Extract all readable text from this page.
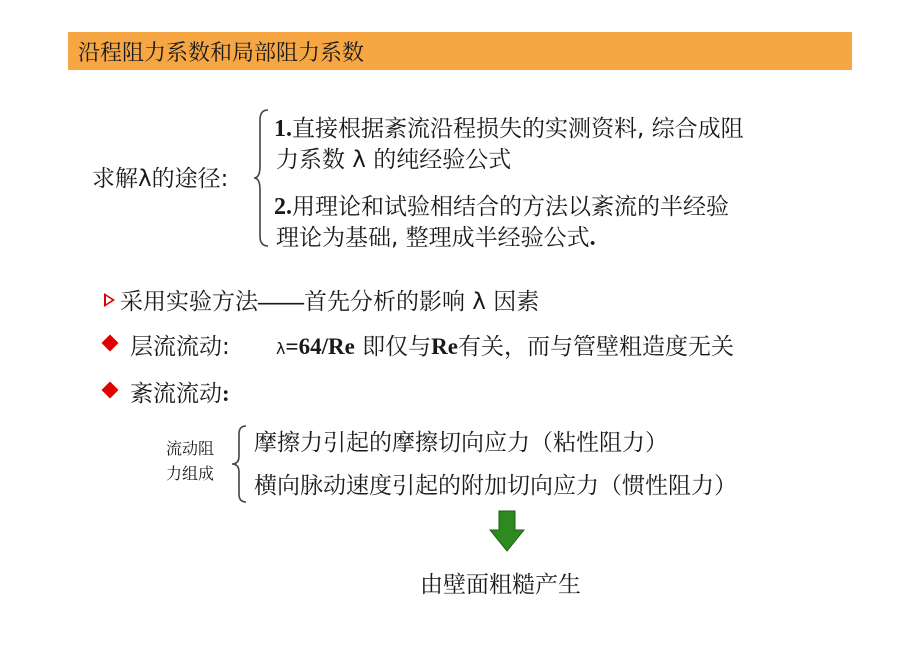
沿程阻力系数和局部阻力系数
求解λ的途径:
1.直接根据紊流沿程损失的实测资料, 综合成阻
力系数 λ 的纯经验公式
2.用理论和试验相结合的方法以紊流的半经验
理论为基础, 整理成半经验公式.
采用实验方法——首先分析的影响 λ 因素
层流流动:	λ=64/Re 即仅与Re有关，而与管壁粗造度无关
紊流流动:
流动阻
力组成
摩擦力引起的摩擦切向应力（粘性阻力）
横向脉动速度引起的附加切向应力（惯性阻力）
由壁面粗糙产生
